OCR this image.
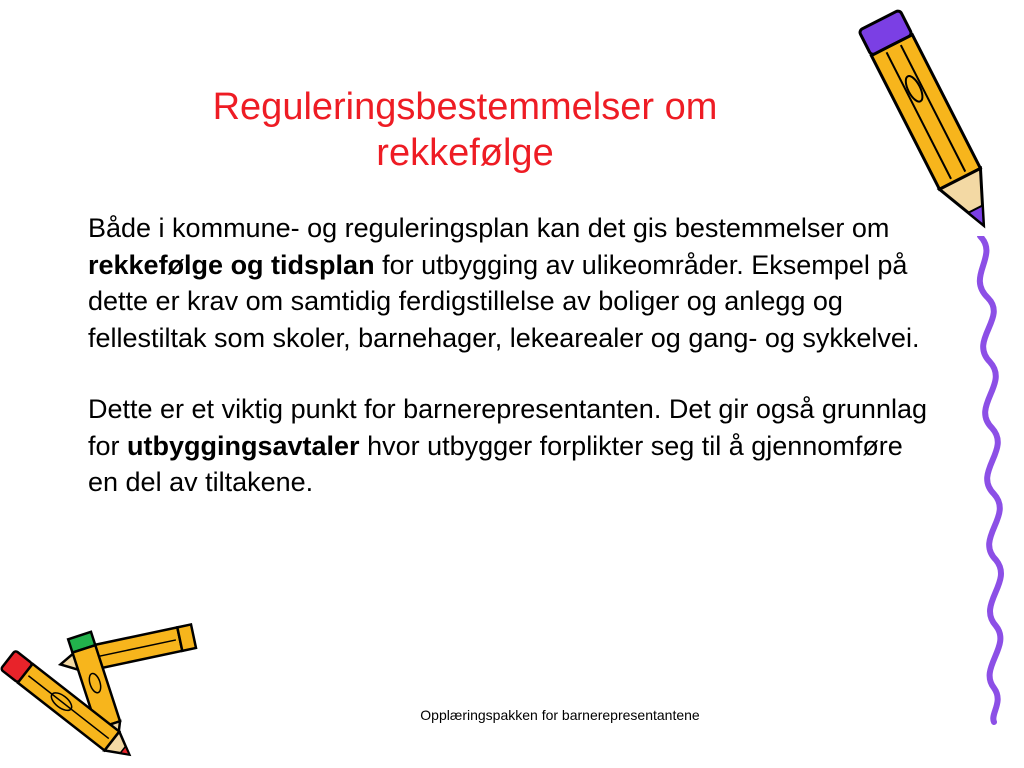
Reguleringsbestemmelser om rekkefølge

Både i kommune- og reguleringsplan kan det gis bestemmelser om rekkefølge og tidsplan for utbygging av ulikeområder. Eksempel på dette er krav om samtidig ferdigstillelse av boliger og anlegg og fellestiltak som skoler, barnehager, lekearealer og gang- og sykkelvei.

Dette er et viktig punkt for barnerepresentanten. Det gir også grunnlag for utbyggingsavtaler hvor utbygger forplikter seg til å gjennomføre en del av tiltakene.

Opplæringspakken for barnerepresentantene
